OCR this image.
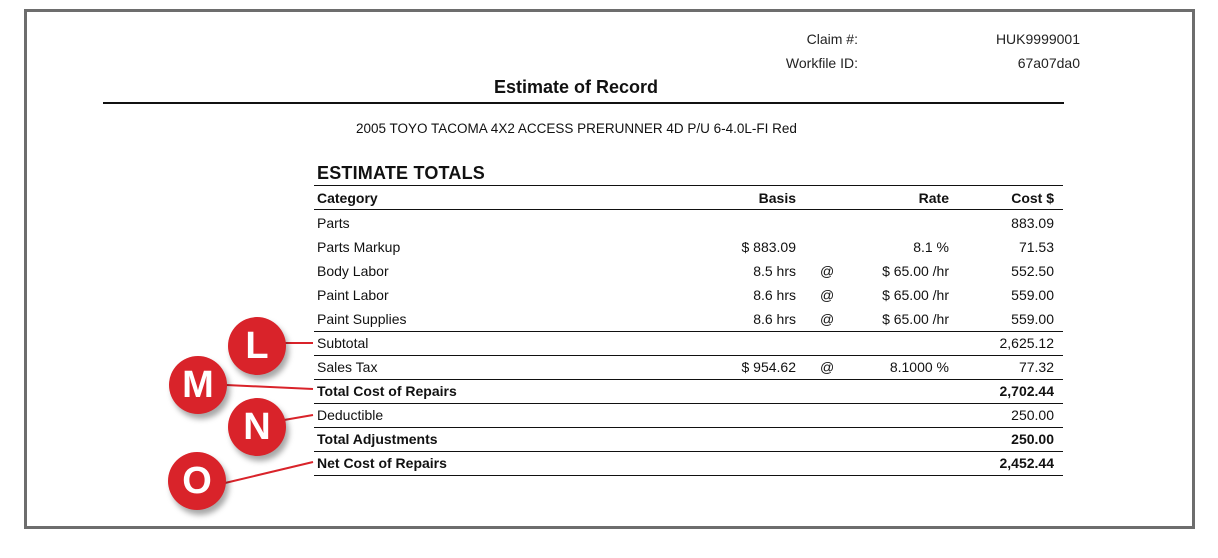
Claim #:	HUK9999001
Workfile ID:	67a07da0
Estimate of Record
2005 TOYO TACOMA 4X2 ACCESS PRERUNNER 4D P/U 6-4.0L-FI Red
ESTIMATE TOTALS
Category	Basis	Rate	Cost $
Parts	883.09
Parts Markup	$ 883.09	8.1 %	71.53
Body Labor	8.5 hrs @	$ 65.00 /hr	552.50
Paint Labor	8.6 hrs @	$ 65.00 /hr	559.00
Paint Supplies	8.6 hrs @	$ 65.00 /hr	559.00
Subtotal	2,625.12
Sales Tax	$ 954.62 @	8.1000 %	77.32
Total Cost of Repairs	2,702.44
Deductible	250.00
Total Adjustments	250.00
Net Cost of Repairs	2,452.44
L
M
N
O
